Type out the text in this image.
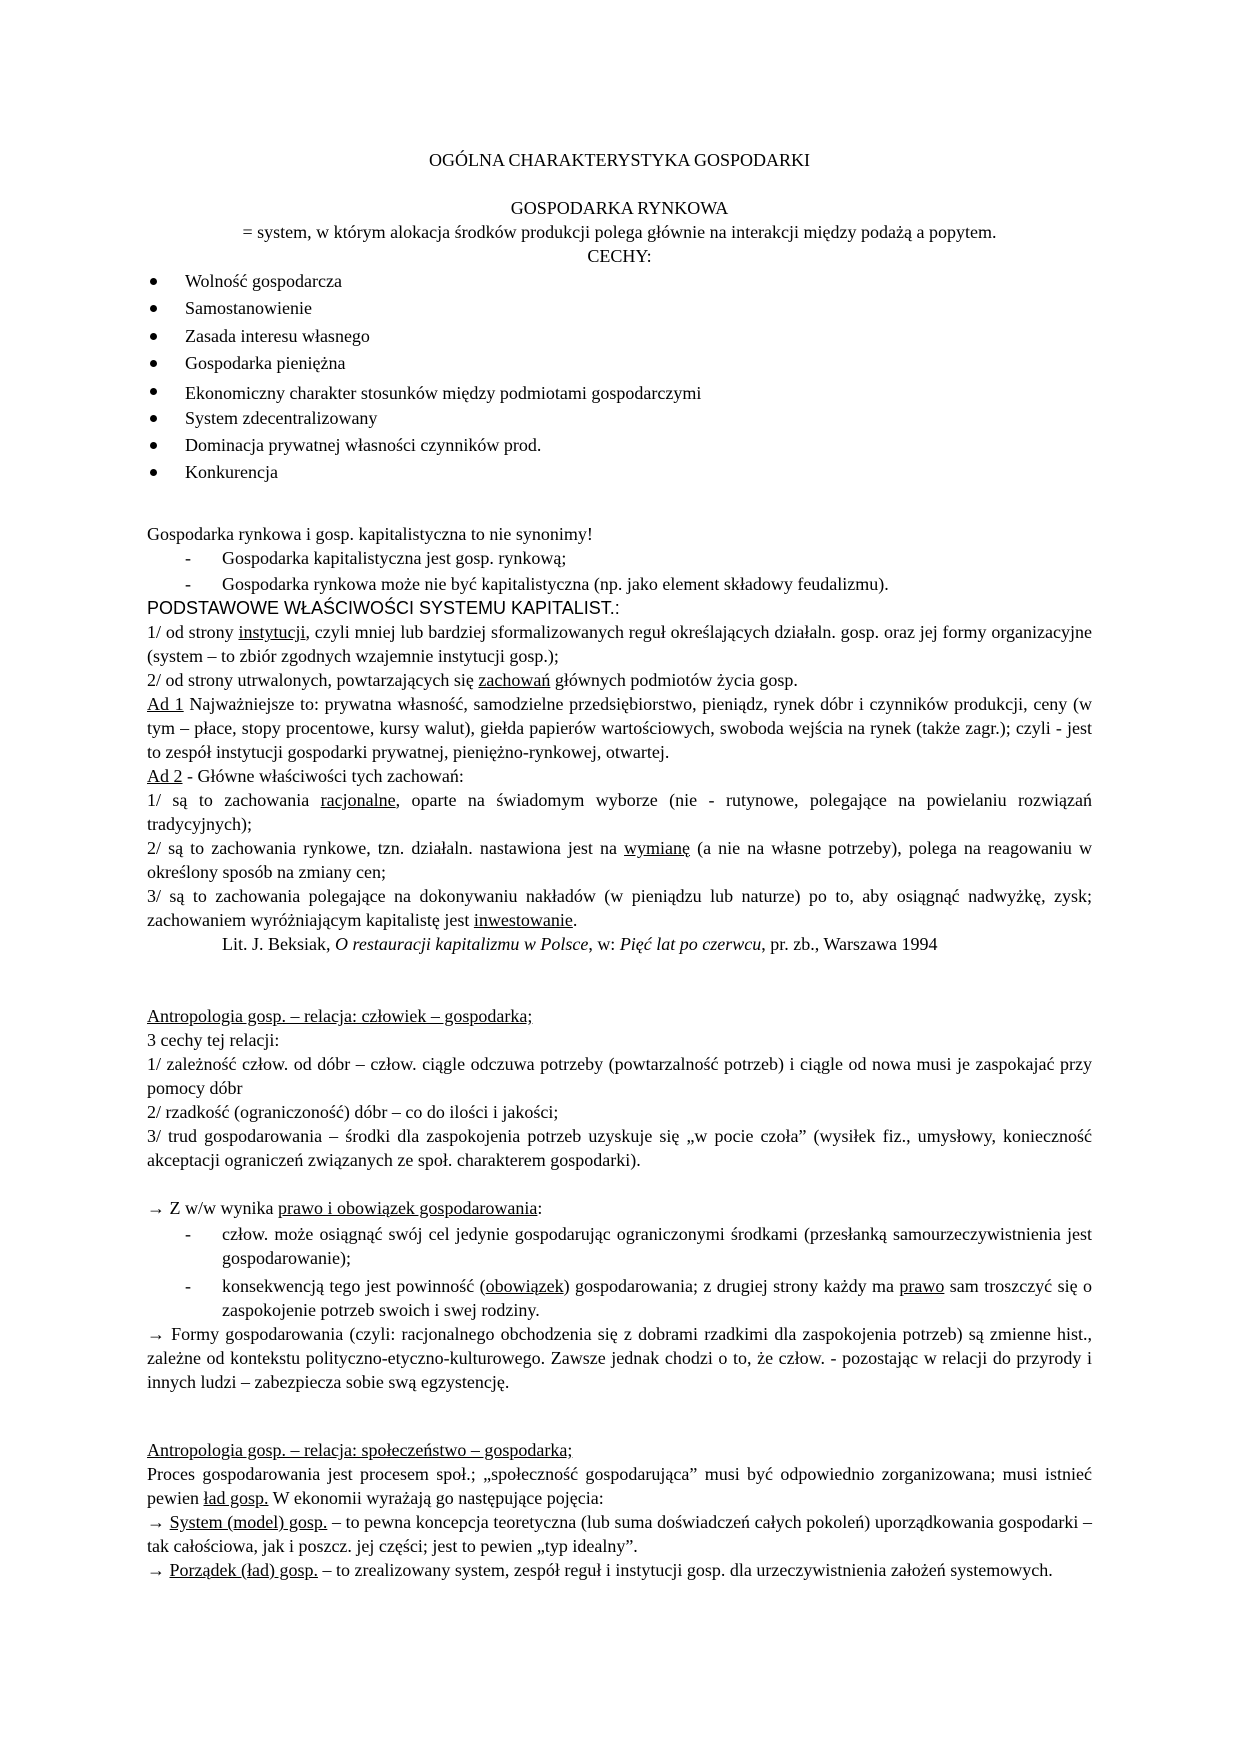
OGÓLNA CHARAKTERYSTYKA GOSPODARKI
GOSPODARKA RYNKOWA
= system, w którym alokacja środków produkcji polega głównie na interakcji między podażą a popytem.
CECHY:
Wolność gospodarcza
Samostanowienie
Zasada interesu własnego
Gospodarka pieniężna
Ekonomiczny charakter stosunków między podmiotami gospodarczymi
System zdecentralizowany
Dominacja prywatnej własności czynników prod.
Konkurencja

Gospodarka rynkowa i gosp. kapitalistyczna to nie synonimy!

- Gospodarka kapitalistyczna jest gosp. rynkową;

- Gospodarka rynkowa może nie być kapitalistyczna (np. jako element składowy feudalizmu).

PODSTAWOWE WŁAŚCIWOŚCI SYSTEMU KAPITALIST.:

1/ od strony instytucji, czyli mniej lub bardziej sformalizowanych reguł określających działaln. gosp. oraz jej formy organizacyjne (system – to zbiór zgodnych wzajemnie instytucji gosp.);

2/ od strony utrwalonych, powtarzających się zachowań głównych podmiotów życia gosp.

Ad 1 Najważniejsze to: prywatna własność, samodzielne przedsiębiorstwo, pieniądz, rynek dóbr i czynników produkcji, ceny (w tym – płace, stopy procentowe, kursy walut), giełda papierów wartościowych, swoboda wejścia na rynek (także zagr.); czyli - jest to zespół instytucji gospodarki prywatnej, pieniężno-rynkowej, otwartej.

Ad 2 - Główne właściwości tych zachowań:

1/ są to zachowania racjonalne, oparte na świadomym wyborze (nie - rutynowe, polegające na powielaniu rozwiązań tradycyjnych);

2/ są to zachowania rynkowe, tzn. działaln. nastawiona jest na wymianę (a nie na własne potrzeby), polega na reagowaniu w określony sposób na zmiany cen;

3/ są to zachowania polegające na dokonywaniu nakładów (w pieniądzu lub naturze) po to, aby osiągnąć nadwyżkę, zysk; zachowaniem wyróżniającym kapitalistę jest inwestowanie.

Lit. J. Beksiak, O restauracji kapitalizmu w Polsce, w: Pięć lat po czerwcu, pr. zb., Warszawa 1994

Antropologia gosp. – relacja: człowiek – gospodarka;

3 cechy tej relacji:

1/ zależność człow. od dóbr – człow. ciągle odczuwa potrzeby (powtarzalność potrzeb) i ciągle od nowa musi je zaspokajać przy pomocy dóbr

2/ rzadkość (ograniczoność) dóbr – co do ilości i jakości;

3/ trud gospodarowania – środki dla zaspokojenia potrzeb uzyskuje się „w pocie czoła” (wysiłek fiz., umysłowy, konieczność akceptacji ograniczeń związanych ze społ. charakterem gospodarki).

→ Z w/w wynika prawo i obowiązek gospodarowania:

- człow. może osiągnąć swój cel jedynie gospodarując ograniczonymi środkami (przesłanką samourzeczywistnienia jest gospodarowanie);

- konsekwencją tego jest powinność (obowiązek) gospodarowania; z drugiej strony każdy ma prawo sam troszczyć się o zaspokojenie potrzeb swoich i swej rodziny.

→ Formy gospodarowania (czyli: racjonalnego obchodzenia się z dobrami rzadkimi dla zaspokojenia potrzeb) są zmienne hist., zależne od kontekstu polityczno-etyczno-kulturowego. Zawsze jednak chodzi o to, że człow. - pozostając w relacji do przyrody i innych ludzi – zabezpiecza sobie swą egzystencję.

Antropologia gosp. – relacja: społeczeństwo – gospodarka;

Proces gospodarowania jest procesem społ.; „społeczność gospodarująca” musi być odpowiednio zorganizowana; musi istnieć pewien ład gosp. W ekonomii wyrażają go następujące pojęcia:

→ System (model) gosp. – to pewna koncepcja teoretyczna (lub suma doświadczeń całych pokoleń) uporządkowania gospodarki – tak całościowa, jak i poszcz. jej części; jest to pewien „typ idealny”.

→ Porządek (ład) gosp. – to zrealizowany system, zespół reguł i instytucji gosp. dla urzeczywistnienia założeń systemowych.
